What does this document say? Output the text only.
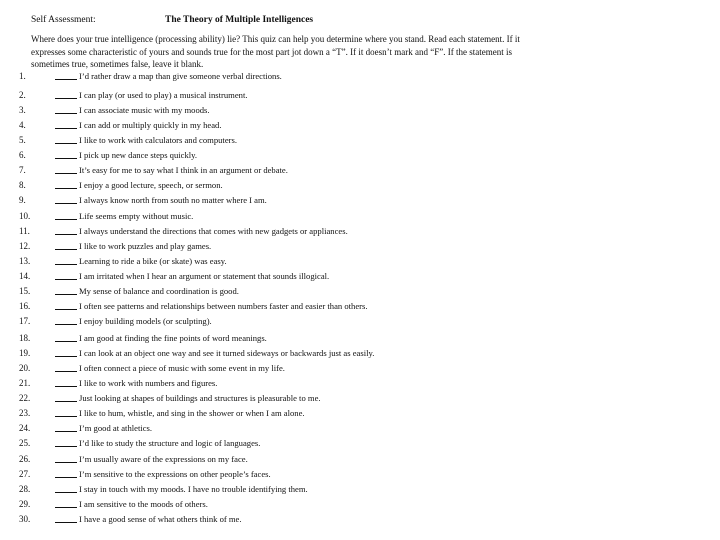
Self Assessment:	The Theory of Multiple Intelligences
Where does your true intelligence (processing ability) lie? This quiz can help you determine where you stand. Read each statement. If it
expresses some characteristic of yours and sounds true for the most part jot down a “T”. If it doesn’t mark and “F”. If the statement is
sometimes true, sometimes false, leave it blank.
1.	I’d rather draw a map than give someone verbal directions.
2.	I can play (or used to play) a musical instrument.
3.	I can associate music with my moods.
4.	I can add or multiply quickly in my head.
5.	I like to work with calculators and computers.
6.	I pick up new dance steps quickly.
7.	It’s easy for me to say what I think in an argument or debate.
8.	I enjoy a good lecture, speech, or sermon.
9.	I always know north from south no matter where I am.
10.	Life seems empty without music.
11.	I always understand the directions that comes with new gadgets or appliances.
12.	I like to work puzzles and play games.
13.	Learning to ride a bike (or skate) was easy.
14.	I am irritated when I hear an argument or statement that sounds illogical.
15.	My sense of balance and coordination is good.
16.	I often see patterns and relationships between numbers faster and easier than others.
17.	I enjoy building models (or sculpting).
18.	I am good at finding the fine points of word meanings.
19.	I can look at an object one way and see it turned sideways or backwards just as easily.
20.	I often connect a piece of music with some event in my life.
21.	I like to work with numbers and figures.
22.	Just looking at shapes of buildings and structures is pleasurable to me.
23.	I like to hum, whistle, and sing in the shower or when I am alone.
24.	I’m good at athletics.
25.	I’d like to study the structure and logic of languages.
26.	I’m usually aware of the expressions on my face.
27.	I’m sensitive to the expressions on other people’s faces.
28.	I stay in touch with my moods. I have no trouble identifying them.
29.	I am sensitive to the moods of others.
30.	I have a good sense of what others think of me.
